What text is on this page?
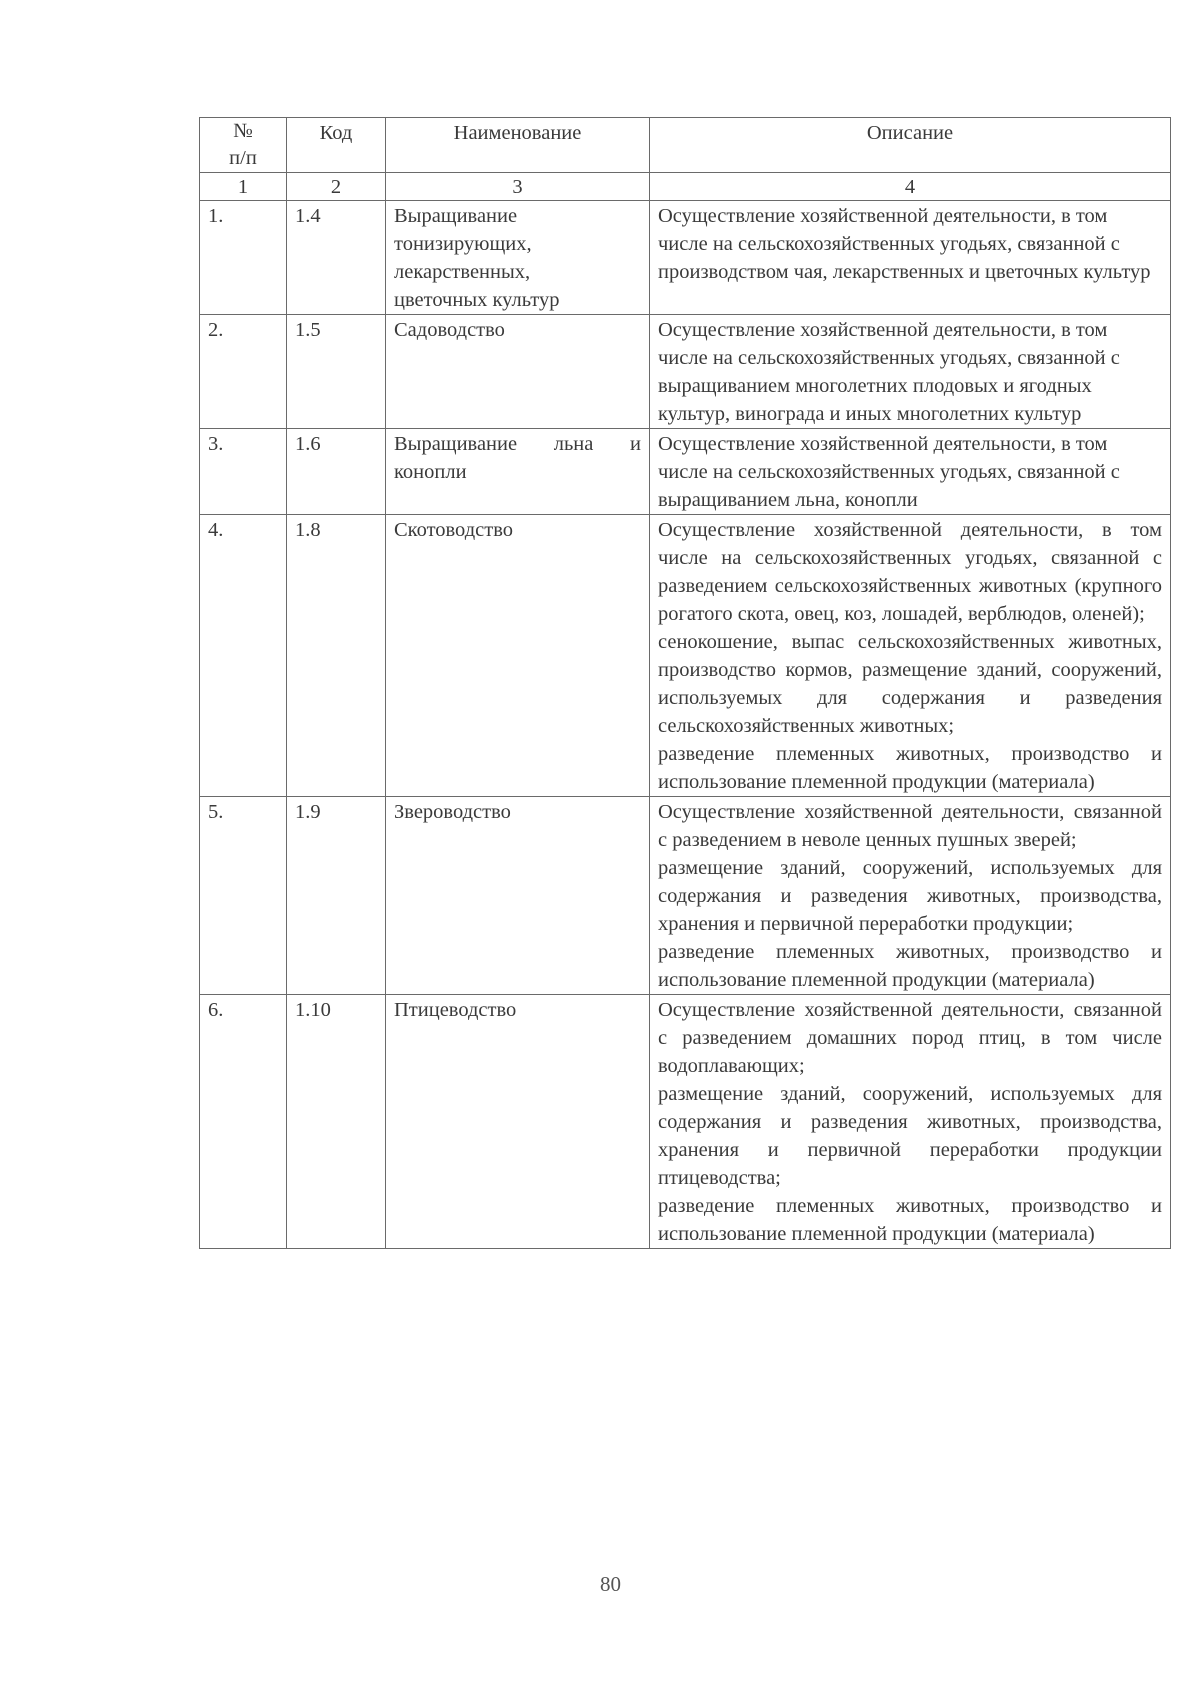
№ п/п	Код	Наименование	Описание
1	2	3	4
1.	1.4	Выращивание тонизирующих, лекарственных, цветочных культур	Осуществление хозяйственной деятельности, в том числе на сельскохозяйственных угодьях, связанной с производством чая, лекарственных и цветочных культур
2.	1.5	Садоводство	Осуществление хозяйственной деятельности, в том числе на сельскохозяйственных угодьях, связанной с выращиванием многолетних плодовых и ягодных культур, винограда и иных многолетних культур
3.	1.6	Выращивание льна и конопли	Осуществление хозяйственной деятельности, в том числе на сельскохозяйственных угодьях, связанной с выращиванием льна, конопли
4.	1.8	Скотоводство	Осуществление хозяйственной деятельности, в том числе на сельскохозяйственных угодьях, связанной с разведением сельскохозяйственных животных (крупного рогатого скота, овец, коз, лошадей, верблюдов, оленей);
сенокошение, выпас сельскохозяйственных животных, производство кормов, размещение зданий, сооружений, используемых для содержания и разведения сельскохозяйственных животных;
разведение племенных животных, производство и использование племенной продукции (материала)
5.	1.9	Звероводство	Осуществление хозяйственной деятельности, связанной с разведением в неволе ценных пушных зверей;
размещение зданий, сооружений, используемых для содержания и разведения животных, производства, хранения и первичной переработки продукции;
разведение племенных животных, производство и использование племенной продукции (материала)
6.	1.10	Птицеводство	Осуществление хозяйственной деятельности, связанной с разведением домашних пород птиц, в том числе водоплавающих;
размещение зданий, сооружений, используемых для содержания и разведения животных, производства, хранения и первичной переработки продукции птицеводства;
разведение племенных животных, производство и использование племенной продукции (материала)
80
